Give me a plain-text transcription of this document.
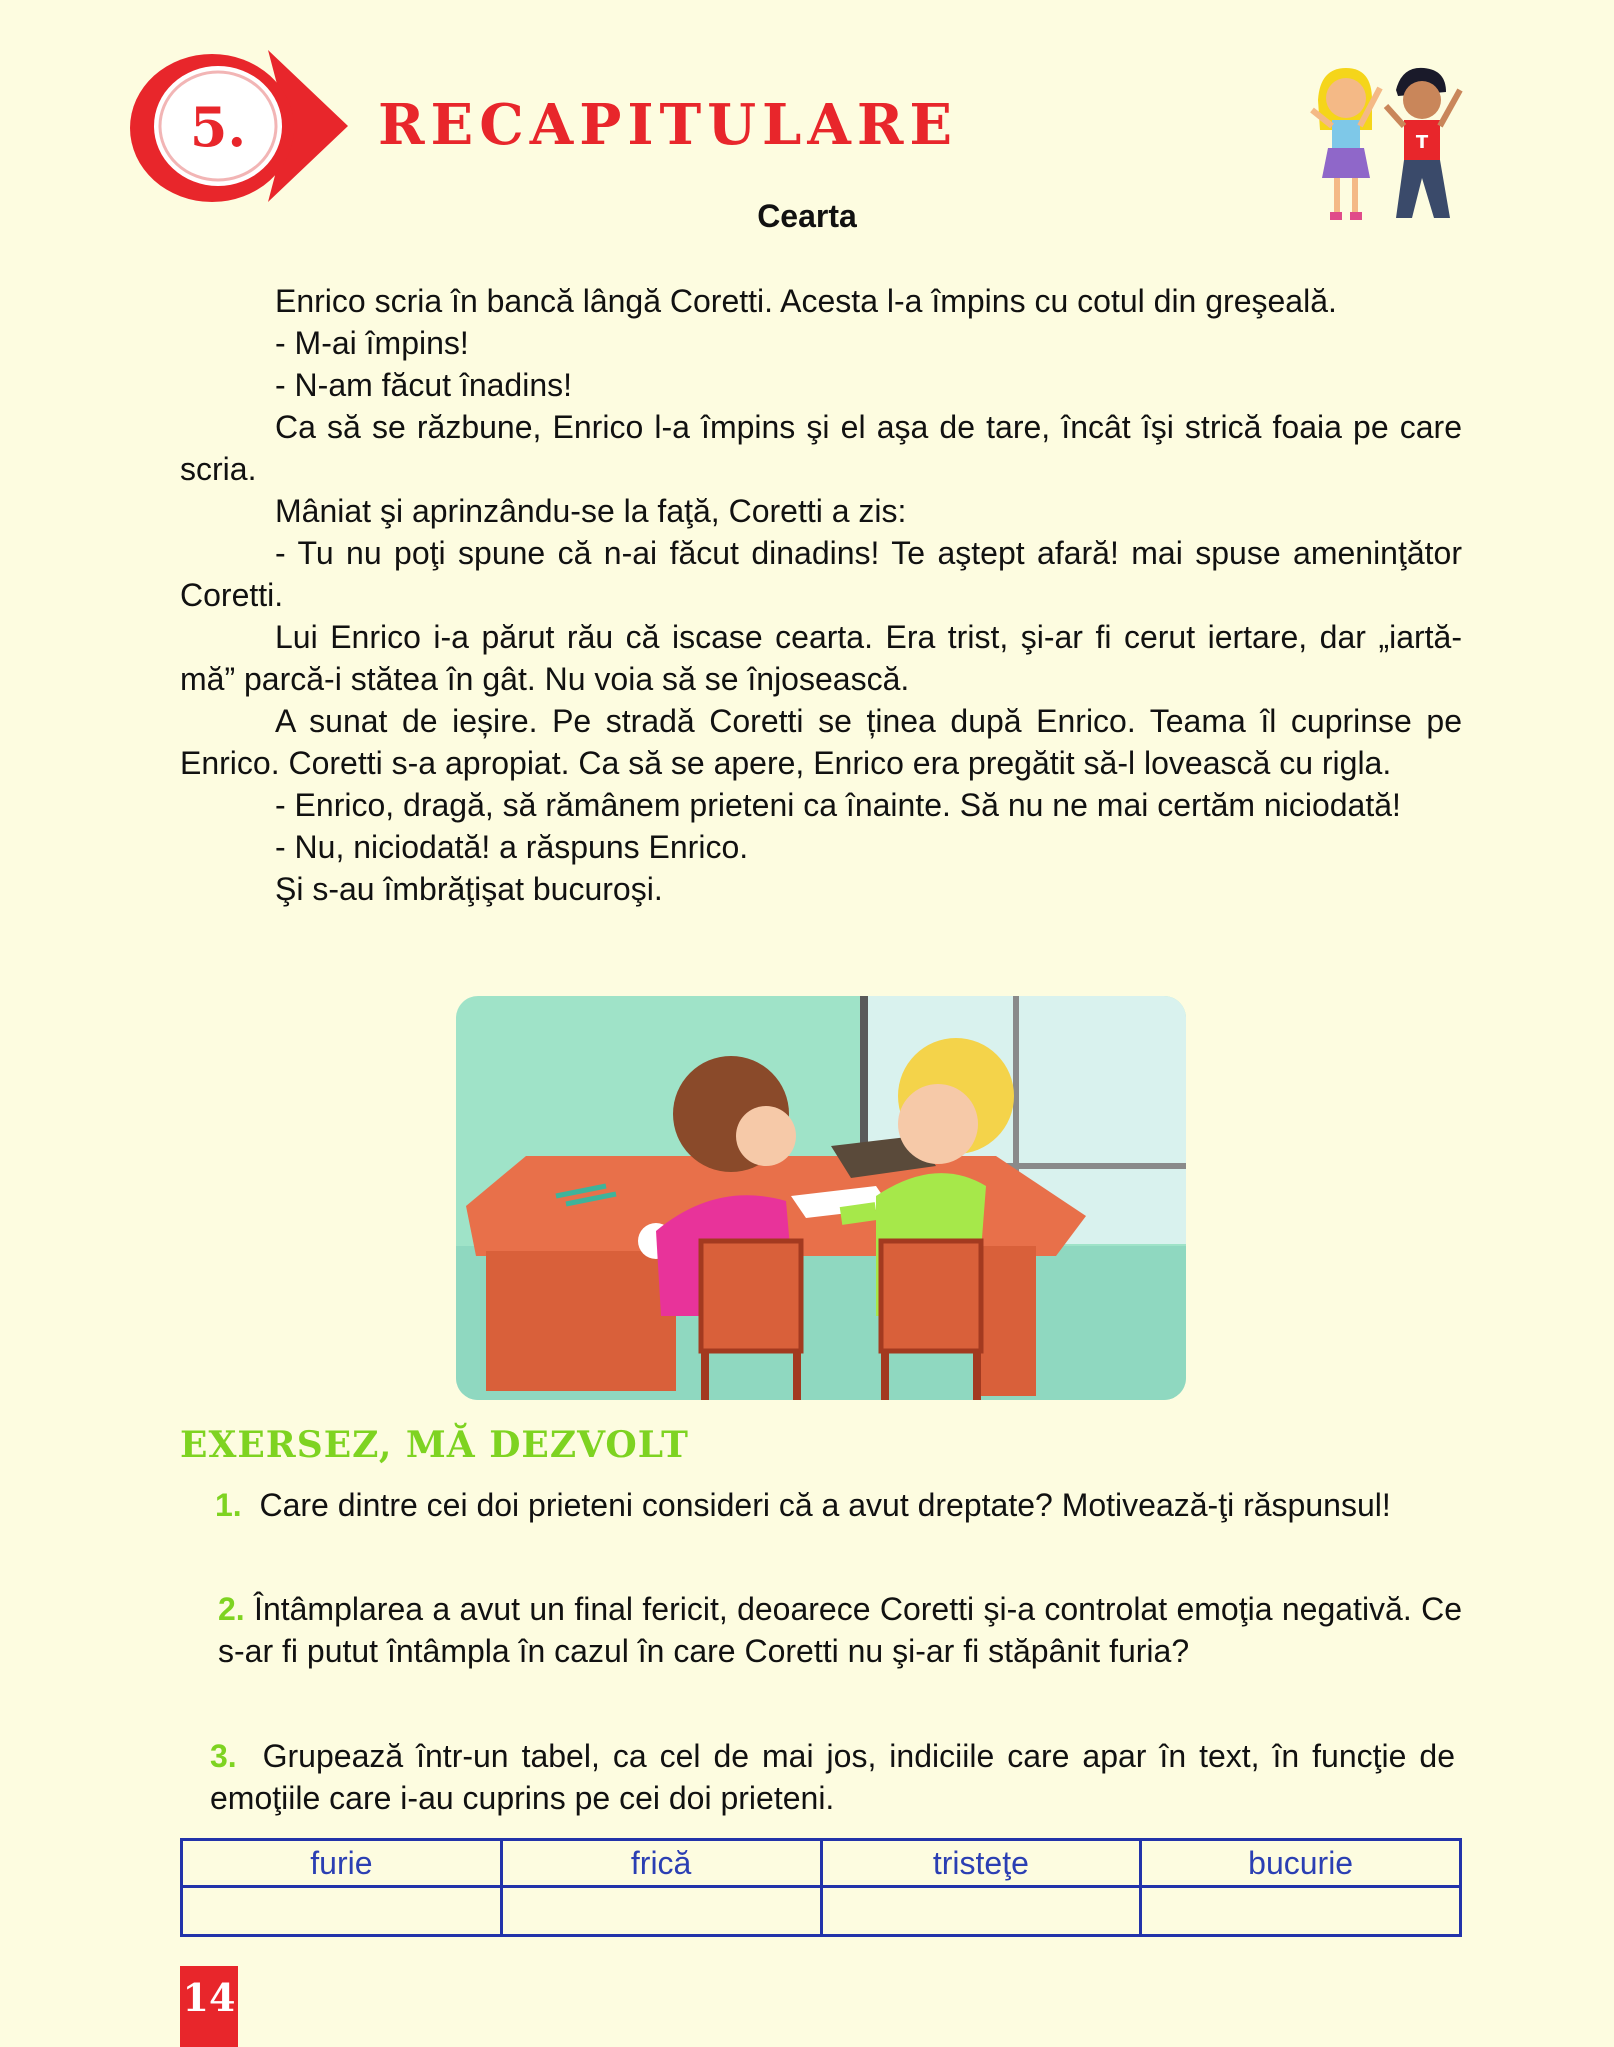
5. RECAPITULARE	T
Cearta

Enrico scria în bancă lângă Coretti. Acesta l-a împins cu cotul din greşeală.

- M-ai împins!

- N-am făcut înadins!

Ca să se răzbune, Enrico l-a împins şi el aşa de tare, încât îşi strică foaia pe care scria.

Mâniat şi aprinzându-se la faţă, Coretti a zis:

- Tu nu poţi spune că n-ai făcut dinadins! Te aştept afară! mai spuse ameninţător Coretti.

Lui Enrico i-a părut rău că iscase cearta. Era trist, şi-ar fi cerut iertare, dar „iartă-mă” parcă-i stătea în gât. Nu voia să se înjosească.

A sunat de ieșire. Pe stradă Coretti se ținea după Enrico. Teama îl cuprinse pe Enrico. Coretti s-a apropiat. Ca să se apere, Enrico era pregătit să-l lovească cu rigla.

- Enrico, dragă, să rămânem prieteni ca înainte. Să nu ne mai certăm niciodată!

- Nu, niciodată! a răspuns Enrico.

Şi s-au îmbrăţişat bucuroşi.

EXERSEZ, MĂ DEZVOLT
1. Care dintre cei doi prieteni consideri că a avut dreptate? Motivează-ţi răspunsul!
2. Întâmplarea a avut un final fericit, deoarece Coretti şi-a controlat emoţia negativă. Ce s-ar fi putut întâmpla în cazul în care Coretti nu şi-ar fi stăpânit furia?
3. Grupează într-un tabel, ca cel de mai jos, indiciile care apar în text, în funcţie de emoţiile care i-au cuprins pe cei doi prieteni.
furie	frică	tristeţe	bucurie

14
